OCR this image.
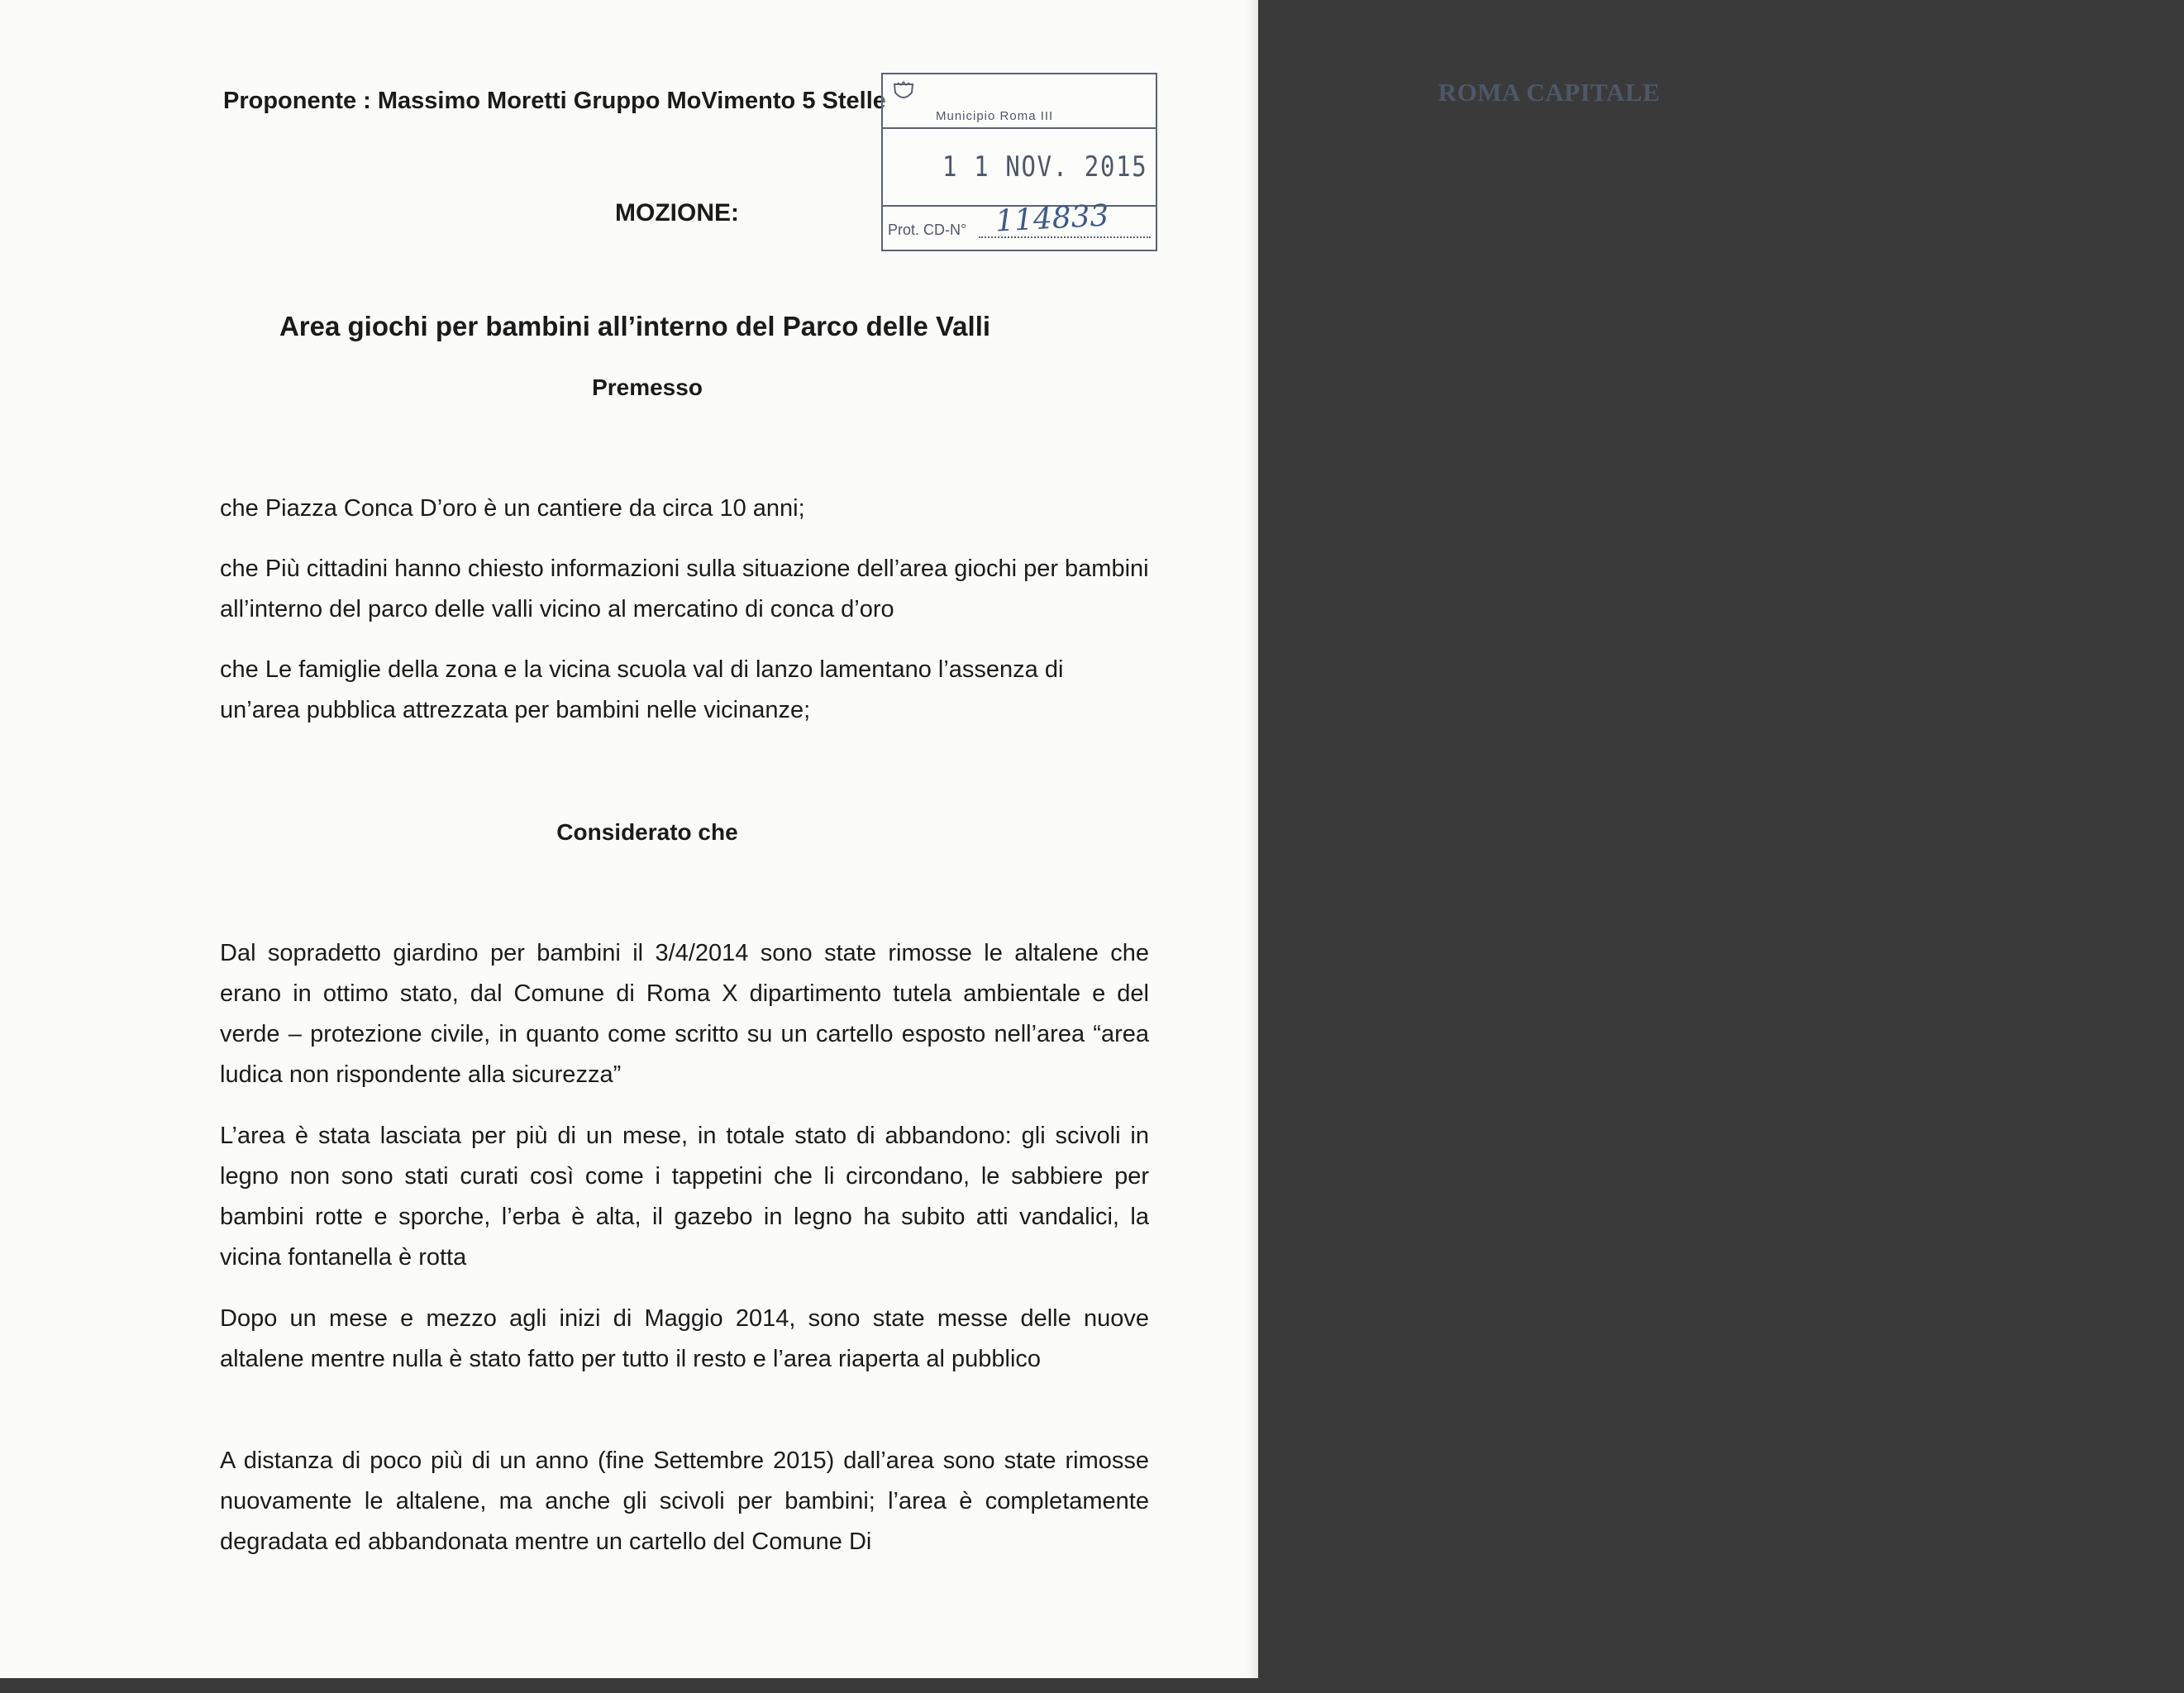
Proponente : Massimo Moretti Gruppo MoVimento 5 Stelle	ROMA CAPITALE
Municipio Roma III
1 1 NOV. 2015
Prot. CD-N° 114833
MOZIONE:
Area giochi per bambini all’interno del Parco delle Valli
Premesso

che Piazza Conca D’oro è un cantiere da circa 10 anni;

che Più cittadini hanno chiesto informazioni sulla situazione dell’area giochi per bambini all’interno del parco delle valli vicino al mercatino di conca d’oro

che Le famiglie della zona e la vicina scuola val di lanzo lamentano l’assenza di un’area pubblica attrezzata per bambini nelle vicinanze;

Considerato che

Dal sopradetto giardino per bambini il 3/4/2014 sono state rimosse le altalene che erano in ottimo stato, dal Comune di Roma X dipartimento tutela ambientale e del verde – protezione civile, in quanto come scritto su un cartello esposto nell’area “area ludica non rispondente alla sicurezza”

L’area è stata lasciata per più di un mese, in totale stato di abbandono: gli scivoli in legno non sono stati curati così come i tappetini che li circondano, le sabbiere per bambini rotte e sporche, l’erba è alta, il gazebo in legno ha subito atti vandalici, la vicina fontanella è rotta

Dopo un mese e mezzo agli inizi di Maggio 2014, sono state messe delle nuove altalene mentre nulla è stato fatto per tutto il resto e l’area riaperta al pubblico

A distanza di poco più di un anno (fine Settembre 2015) dall’area sono state rimosse nuovamente le altalene, ma anche gli scivoli per bambini; l’area è completamente degradata ed abbandonata mentre un cartello del Comune Di
